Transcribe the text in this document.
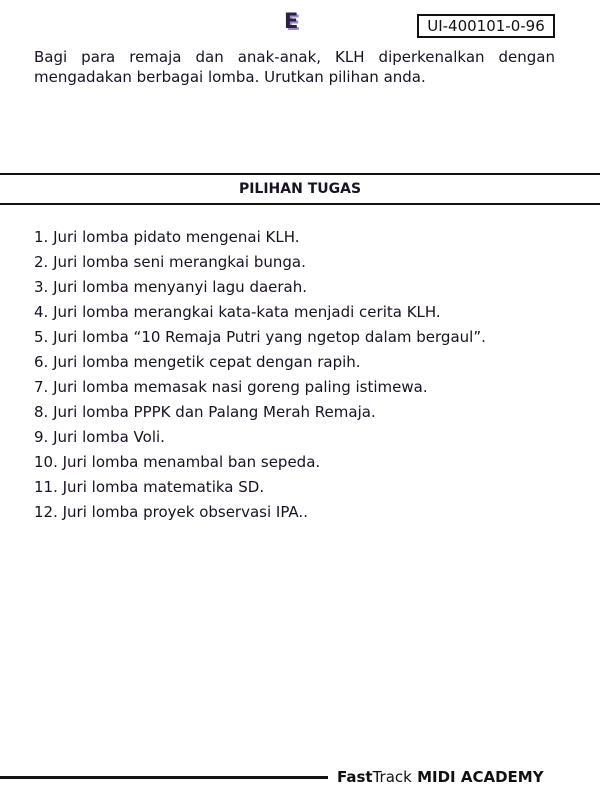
E	UI-400101-0-96

Bagi para remaja dan anak-anak, KLH diperkenalkan dengan mengadakan berbagai lomba. Urutkan pilihan anda.

PILIHAN TUGAS
1. Juri lomba pidato mengenai KLH.
2. Juri lomba seni merangkai bunga.
3. Juri lomba menyanyi lagu daerah.
4. Juri lomba merangkai kata-kata menjadi cerita KLH.
5. Juri lomba “10 Remaja Putri yang ngetop dalam bergaul”.
6. Juri lomba mengetik cepat dengan rapih.
7. Juri lomba memasak nasi goreng paling istimewa.
8. Juri lomba PPPK dan Palang Merah Remaja.
9. Juri lomba Voli.
10. Juri lomba menambal ban sepeda.
11. Juri lomba matematika SD.
12. Juri lomba proyek observasi IPA..
FastTrack MIDI ACADEMY
